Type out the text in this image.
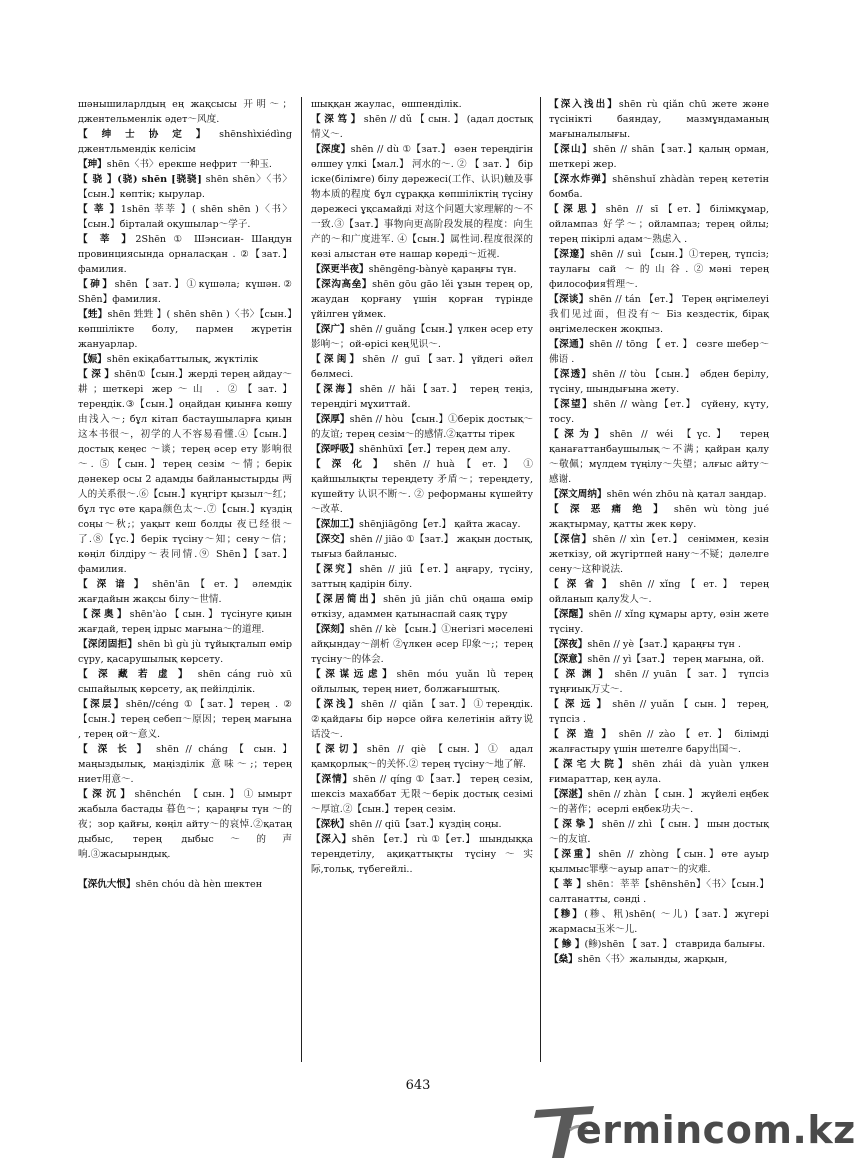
шәнышиларлдың ең жақсысы 开明～；джентельменлік әдет～风度.

【 绅 士 协 定 】 shēnshìxiédìng джентльмендік келісім

【珅】shēn〈书〉ерекше нефрит 一种玉.

【 骁 】(骁) shēn [骁骁] shēn shēn〉〈书〉【сын.】көптік; кырулар.

【 莘 】1shēn 莘莘 】( shēn shēn )〈书〉【сын.】бірталай оқушылар～学子.

【 莘 】2Shēn ① Шэнсиан- Шаңдун провинциясында орналасқан . ②【зат.】фамилия.

【砷】shēn【зат.】①күшәла; күшән.② Shēn】фамилия.

【甡】shēn 甡甡 】( shēn shēn )〈书〉【сын.】көпшілікте болу, пармен жүретін жануарлар.

【娠】shēn екіқабаттылық, жүктілік

【 深 】shēn①【сын.】жерді терең айдау～耕；шеткері жер～山 . ②【зат.】тереңдік.③【сын.】оңайдан қиынға көшу 由浅入～; бұл кітап бастаушыларға қиын 这本书很～，初学的人不容易看懂.④【сын.】достық кеңес ～谈；терең әсер ету 影响很～. ⑤【сын.】терең сезім ～情；берік дәнекер осы 2 адамды байланыстырды 两人的关系很～.⑥【сын.】күңгірт қызыл～红；бұл түс өте қара颜色太～.⑦【сын.】күздің соңы～秋;；уақыт кеш болды 夜已经很～了.⑧【үс.】берік түсіну～知；сену～信；көңіл білдіру～表同情.⑨ Shēn】【зат.】фамилия.

【 深 谙 】 shēn'ān 【 ет. 】 әлемдік жағдайын жақсы білу～世情.

【 深 奥 】 shēn'ào 【 сын. 】 түсінуге қиын жағдай, терең ідрыс мағына～的道理.

【深闭固拒】shēn bì gù jù тұйықталып өмір сүру, қасарушылық көрсету.

【 深 藏 若 虚 】 shēn cáng ruò xū сыпайылық көрсету, ақ пейілділік.

【深层】shēn//céng ①【зат.】терең . ②【сын.】терең себеп～原因；терең мағына , терең ой～意义.

【 深 长 】 shēn // cháng 【 сын. 】 маңыздылық, маңізділік 意味～;；терең ниет用意～.

【深沉】shēnchén 【сын.】①ымырт жабыла бастады 暮色～；қараңғы түн ～的夜；зор қайғы, көңіл айту～的哀悼.②қатаң дыбыс, терең дыбыс～的声响.③жасырындық.

【深仇大恨】shēn chóu dà hèn шектен

шыққан жаулас，өшпенділік.

【 深 笃 】 shēn // dǔ 【 сын. 】 (адал достық情义～.

【深度】shēn // dù ①【зат.】 өзен тереңдігін өлшеу үлкі【мал.】 河水的～. ② 【 зат. 】 бір іске(білімге) білу дәрежесі(工作、认识)触及事物本质的程度 бұл сұраққа көпшіліктің түсіну дәрежесі ұқсамайді 对这个问题大家理解的～不一致.③【зат.】事物向更高阶段发展的程度：向生产的～和广度进军. ④【сын.】属性词.程度很深的 көзі алыстан өте нашар көреді～近视.

【深更半夜】shēngēng-bànyè қараңғы түн.

【深沟高垒】shēn gōu gāo lěi ұзын терең ор, жаудан қорғану үшін қорған түрінде үйілген үймек.

【深广】shēn // guǎng【сын.】үлкен әсер ету影响～；ой-өрісі кең见识～.

【深闺】shēn // guī【зат.】үйдегі әйел бөлмесі.

【深海】shēn // hǎi【зат.】 терең теңіз, тереңдігі мұхиттай.

【深厚】shēn // hòu 【сын.】①берік достық～的友谊; терең сезім～的感情.②қатты тірек

【深呼吸】shēnhūxī【ет.】терең дем алу.

【 深 化 】 shēn // huà 【 ет. 】 ① қайшылықты тереңдету 矛盾～；тереңдету, күшейту 认识不断～. ② реформаны күшейту～改革.

【深加工】shēnjiāgōng【ет.】 қайта жасау.

【深交】shēn // jiāo ①【зат.】 жақын достық, тығыз байланыс.

【深究】shēn // jiū【ет.】аңғару, түсіну, заттың қадірін білу.

【深居简出】shēn jū jiǎn chū оңаша өмір өткізу, адаммен қатынаспай саяқ тұру

【深刻】shēn // kè 【сын.】①негізгі мәселені айқындау～剖析 ②үлкен әсер 印象～;；терең түсіну～的体会.

【深谋远虑】shēn móu yuǎn lǜ терең ойлылық, терең ниет, болжағыштық.

【深浅】shēn // qiǎn【зат.】①тереңдік. ②қайдағы бір нәрсе ойға келетінін айту说话没～.

【深切】shēn // qiè 【сын.】① адал қамқорлық～的关怀.② терең түсіну～地了解.

【深情】shēn // qíng ①【зат.】 терең сезім, шексіз махаббат 无限～берік достық сезімі～厚谊.②【сын.】терең сезім.

【深秋】shēn // qiū【зат.】күздің соңы.

【深入】shēn 【ет.】 rù ①【ет.】 шындыққа тереңдетілу, ақиқаттықты түсіну～实际,тольқ, түбегейлі..

【深入浅出】shēn rù qiǎn chū жете және түсінікті баяндау, мазмұндаманың мағыналылығы.

【深山】shēn // shān【зат.】қалың орман, шеткері жер.

【深水炸弹】shēnshuǐ zhàdàn терең кететін бомба.

【深思】shēn // sī【ет.】білімқұмар, ойлампаз 好学～；ойлампаз; терең ойлы; терең пікірлі адам～熟虑入 .

【深邃】shēn // suì 【сын.】①терең, түпсіз; таулағы сай ～的山谷.②мәні терең философия哲理～.

【深谈】shēn // tán 【ет.】 Терең әңгімелеуі 我们见过面，但没有～ Біз кездестік, бірақ әңгімелескен жоқпыз.

【深通】shēn // tōng 【 ет. 】 сөзге шебер～佛语 .

【深透】shēn // tòu 【сын.】 әбден берілу, түсіну, шындығына жету.

【深望】shēn // wàng【ет.】 сүйену, күту, тосу.

【深为】shēn // wéi 【үс.】 терең қанағаттанбаушылық～不满；қайран қалу～敬佩；мүлдем түңілу～失望；алғыс айту～感谢.

【深文周纳】shēn wén zhōu nà қатал заңдар.

【 深 恶 痛 绝 】 shēn wù tòng jué жақтырмау, қатты жек көру.

【深信】shēn // xìn【ет.】 сеніммен, кезін жеткізу, ой жүгіртпей нану～不疑；дәлелге сену～这种说法.

【 深 省 】 shēn // xǐng 【 ет. 】 терең ойланып қалу发人～.

【深醒】shēn // xǐng құмары арту, өзін жете түсіну.

【深夜】shēn // yè【зат.】қараңғы түн .

【深意】shēn // yì【зат.】 терең мағына, ой.

【 深 渊 】 shēn // yuān 【 зат. 】 түпсіз тұңғиық万丈～.

【 深 远 】 shēn // yuǎn 【 сын. 】 терең, түпсіз .

【 深 造 】 shēn // zào 【 ет. 】 білімді жалғастыру үшін шетелге бару出国～.

【深宅大院】shēn zhái dà yuàn үлкен ғимараттар, кең аула.

【深湛】shēn // zhàn 【 сын. 】 жүйелі еңбек～的著作；әсерлі еңбек功夫～.

【 深 挚 】 shēn // zhì 【 сын. 】 шын достық ～的友谊.

【深重】shēn // zhòng【сын.】өте ауыр қылмыс罪孽～ауыр апат～的灾难.

【 莘 】shēn：莘莘【shēnshēn】〈书〉【сын.】салтанатты, сәнді .

【糁】(糁、籸)shēn( ～儿)【зат.】жүгері жармасы玉米～儿.

【 鲹 】(鲹)shēn 【 зат. 】 ставрида балығы.

【燊】shēn〈书〉жалынды, жарқын,

643
ermincom.kz
